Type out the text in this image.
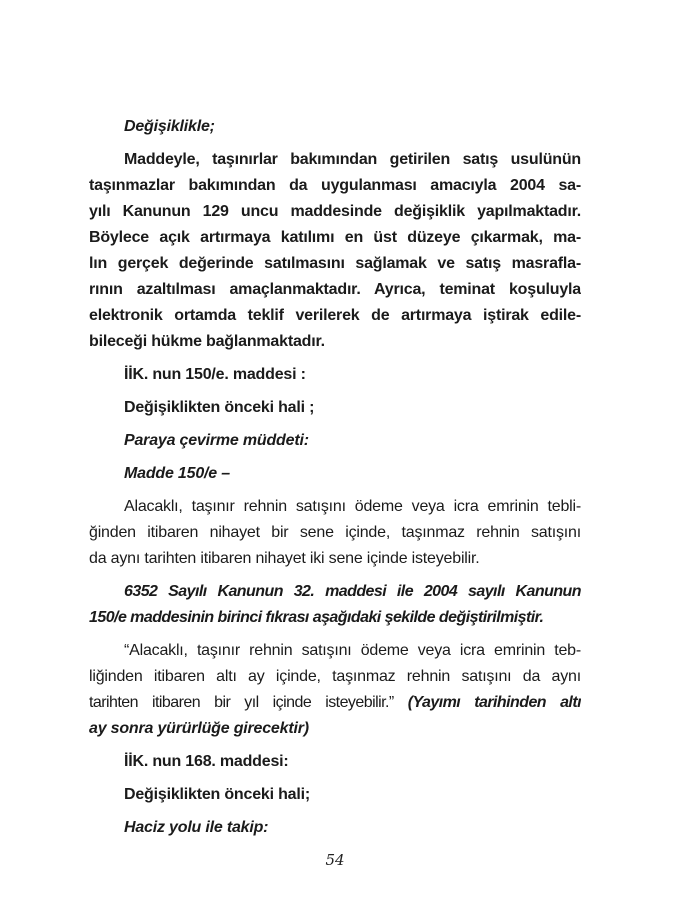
Değişiklikle;
Maddeyle, taşınırlar bakımından getirilen satış usulünün
taşınmazlar bakımından da uygulanması amacıyla 2004 sa-
yılı Kanunun 129 uncu maddesinde değişiklik yapılmaktadır.
Böylece açık artırmaya katılımı en üst düzeye çıkarmak, ma-
lın gerçek değerinde satılmasını sağlamak ve satış masrafla-
rının azaltılması amaçlanmaktadır. Ayrıca, teminat koşuluyla
elektronik ortamda teklif verilerek de artırmaya iştirak edile-
bileceği hükme bağlanmaktadır.
İİK. nun 150/e. maddesi :
Değişiklikten önceki hali ;
Paraya çevirme müddeti:
Madde 150/e –
Alacaklı, taşınır rehnin satışını ödeme veya icra emrinin tebli-
ğinden itibaren nihayet bir sene içinde, taşınmaz rehnin satışını
da aynı tarihten itibaren nihayet iki sene içinde isteyebilir.
6352 Sayılı Kanunun 32. maddesi ile 2004 sayılı Kanunun
150/e maddesinin birinci fıkrası aşağıdaki şekilde değiştirilmiştir.
“Alacaklı, taşınır rehnin satışını ödeme veya icra emrinin teb-
liğinden itibaren altı ay içinde, taşınmaz rehnin satışını da aynı
tarihten itibaren bir yıl içinde isteyebilir.” (Yayımı tarihinden altı
ay sonra yürürlüğe girecektir)
İİK. nun 168. maddesi:
Değişiklikten önceki hali;
Haciz yolu ile takip:
54
